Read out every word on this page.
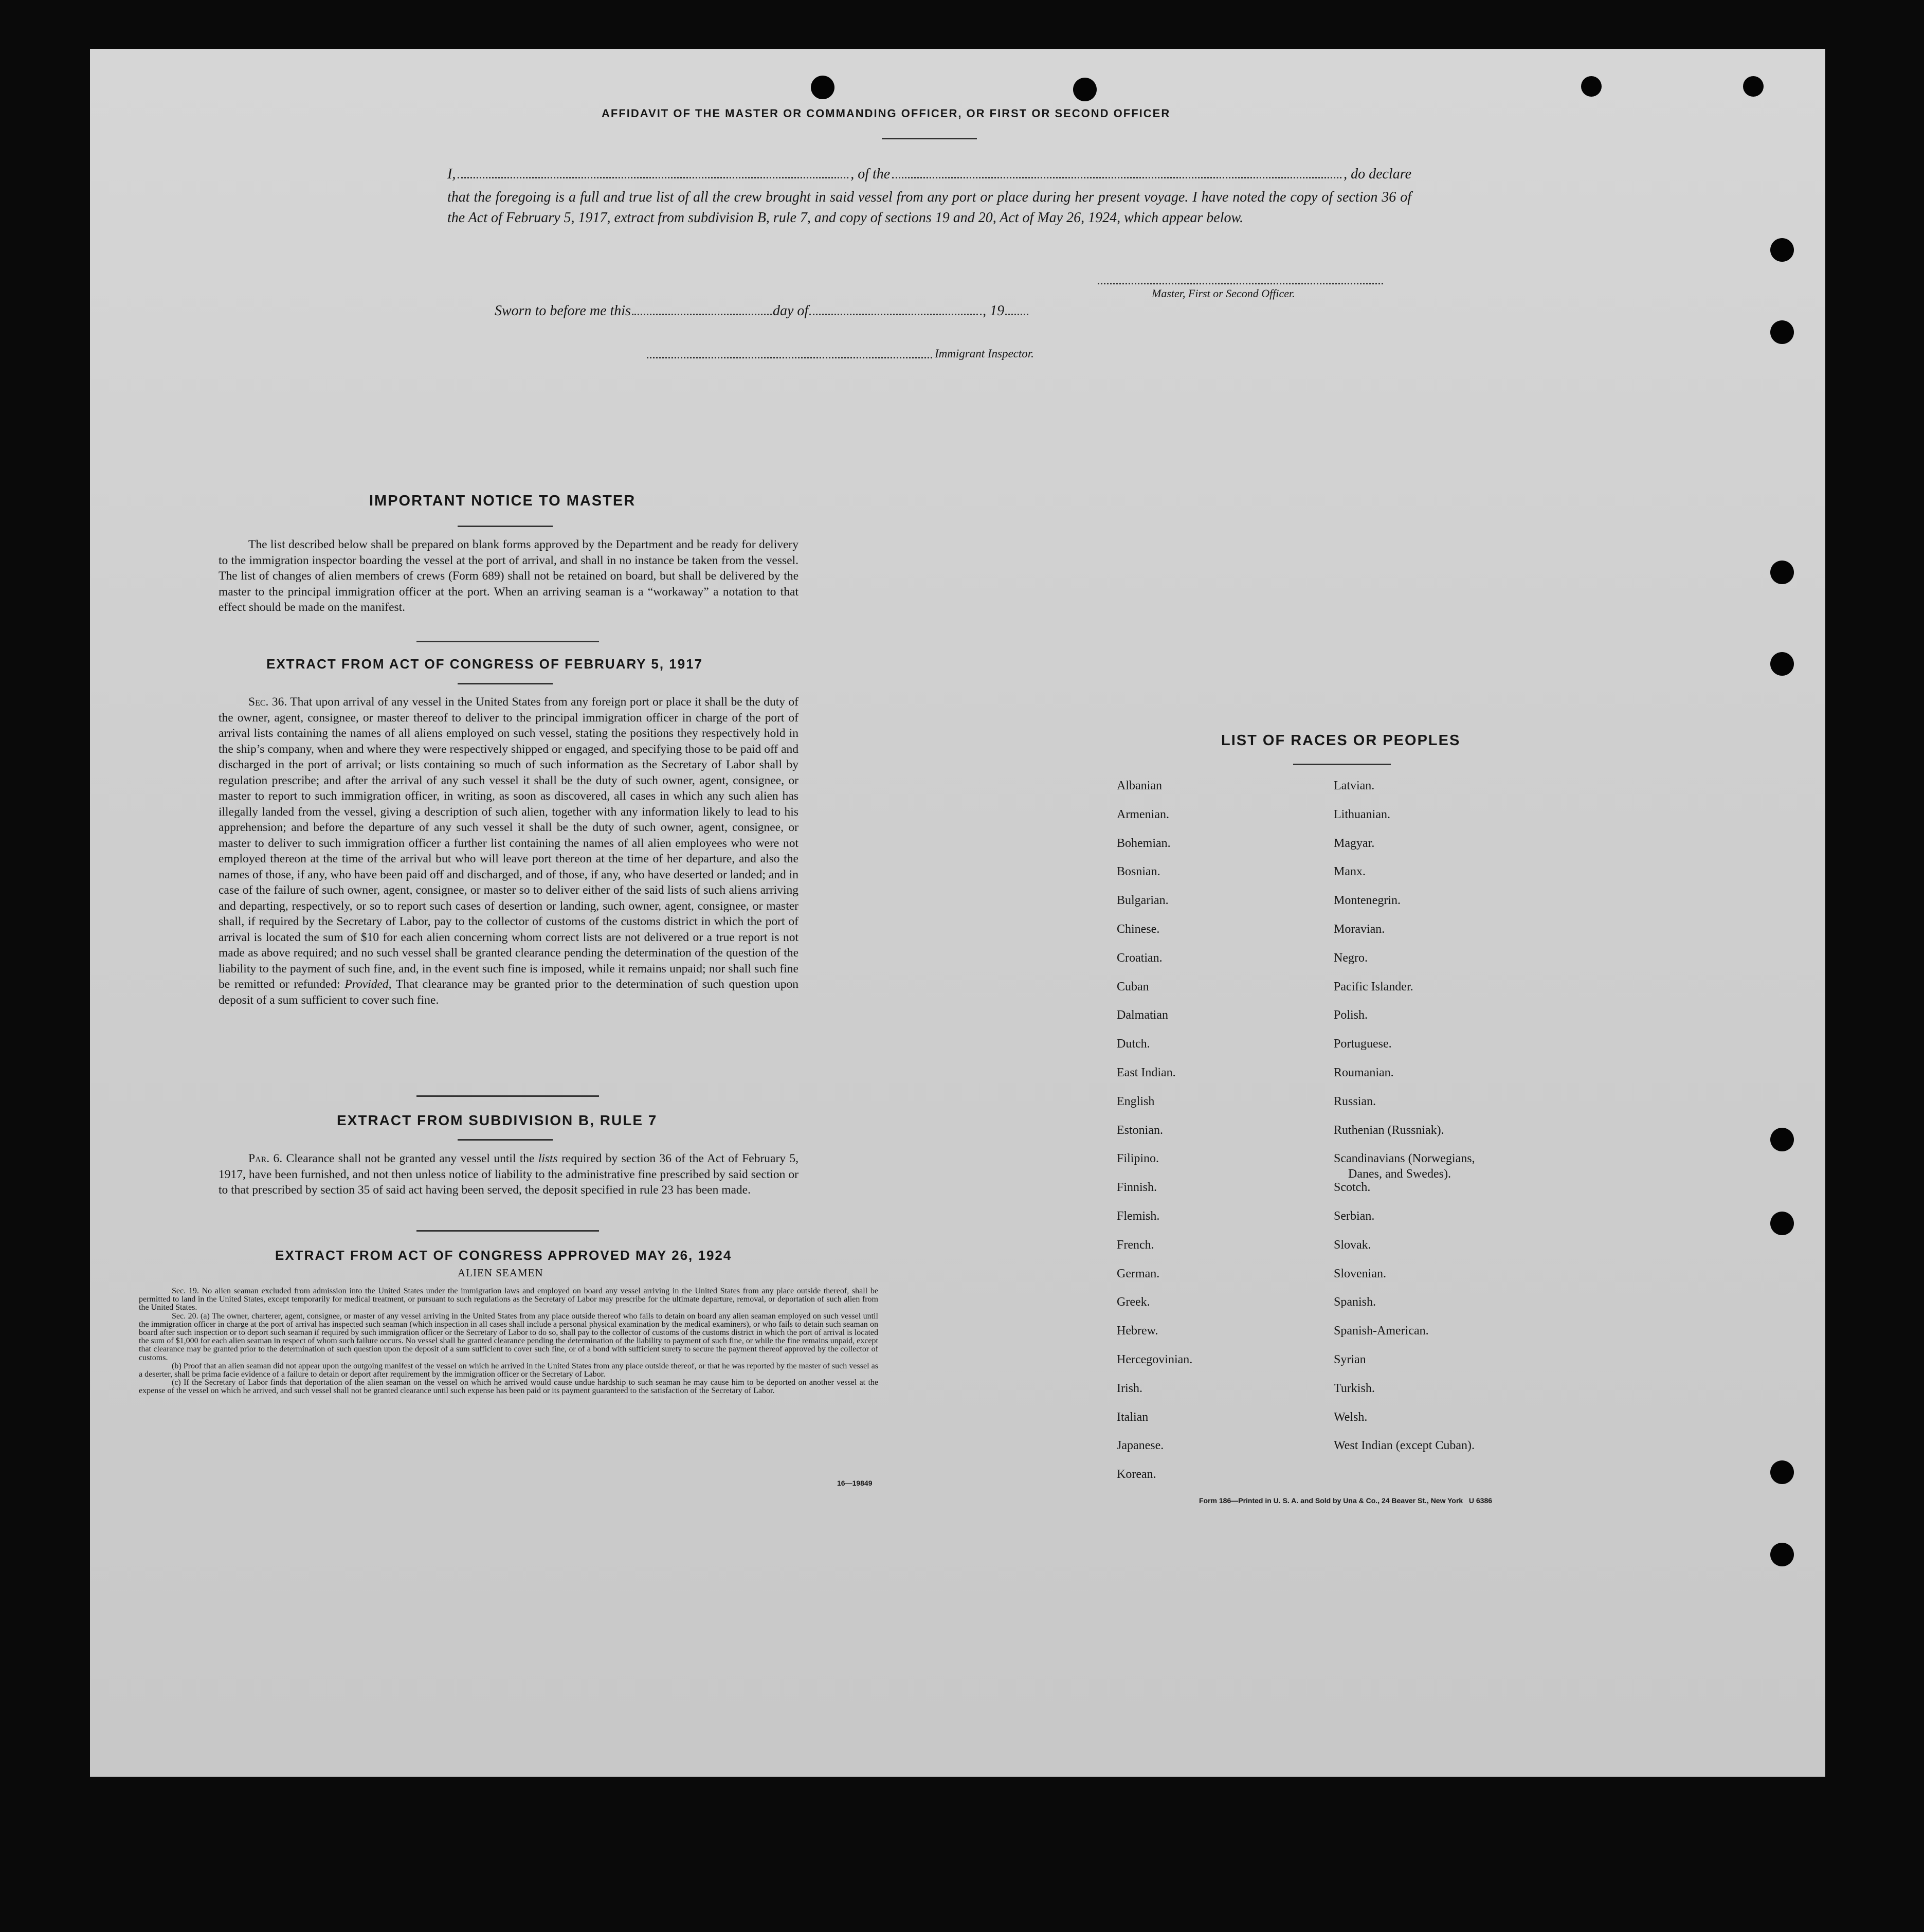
AFFIDAVIT OF THE MASTER OR COMMANDING OFFICER, OR FIRST OR SECOND OFFICER
I,	, of the	, do declare
that the foregoing is a full and true list of all the crew brought in said vessel from any port or place during her present voyage. I have noted the copy of section 36 of the Act of February 5, 1917, extract from subdivision B, rule 7, and copy of sections 19 and 20, Act of May 26, 1924, which appear below.
Master, First or Second Officer.
Sworn to before me this	day of	, 19
Immigrant Inspector.
IMPORTANT NOTICE TO MASTER
The list described below shall be prepared on blank forms approved by the Department and be ready for delivery to the immigration inspector boarding the vessel at the port of arrival, and shall in no instance be taken from the vessel. The list of changes of alien members of crews (Form 689) shall not be retained on board, but shall be delivered by the master to the principal immigration officer at the port. When an arriving seaman is a “workaway” a notation to that effect should be made on the manifest.
EXTRACT FROM ACT OF CONGRESS OF FEBRUARY 5, 1917
Sec. 36. That upon arrival of any vessel in the United States from any foreign port or place it shall be the duty of the owner, agent, consignee, or master thereof to deliver to the principal immigration officer in charge of the port of arrival lists containing the names of all aliens employed on such vessel, stating the positions they respectively hold in the ship’s company, when and where they were respectively shipped or engaged, and specifying those to be paid off and discharged in the port of arrival; or lists containing so much of such information as the Secretary of Labor shall by regulation prescribe; and after the arrival of any such vessel it shall be the duty of such owner, agent, consignee, or master to report to such immigration officer, in writing, as soon as discovered, all cases in which any such alien has illegally landed from the vessel, giving a description of such alien, together with any information likely to lead to his apprehension; and before the departure of any such vessel it shall be the duty of such owner, agent, consignee, or master to deliver to such immigration officer a further list containing the names of all alien employees who were not employed thereon at the time of the arrival but who will leave port thereon at the time of her departure, and also the names of those, if any, who have been paid off and discharged, and of those, if any, who have deserted or landed; and in case of the failure of such owner, agent, consignee, or master so to deliver either of the said lists of such aliens arriving and departing, respectively, or so to report such cases of desertion or landing, such owner, agent, consignee, or master shall, if required by the Secretary of Labor, pay to the collector of customs of the customs district in which the port of arrival is located the sum of $10 for each alien concerning whom correct lists are not delivered or a true report is not made as above required; and no such vessel shall be granted clearance pending the determination of the question of the liability to the payment of such fine, and, in the event such fine is imposed, while it remains unpaid; nor shall such fine be remitted or refunded: Provided, That clearance may be granted prior to the determination of such question upon deposit of a sum sufficient to cover such fine.
EXTRACT FROM SUBDIVISION B, RULE 7
Par. 6. Clearance shall not be granted any vessel until the lists required by section 36 of the Act of February 5, 1917, have been furnished, and not then unless notice of liability to the administrative fine prescribed by said section or to that prescribed by section 35 of said act having been served, the deposit specified in rule 23 has been made.
EXTRACT FROM ACT OF CONGRESS APPROVED MAY 26, 1924
ALIEN SEAMEN

Sec. 19. No alien seaman excluded from admission into the United States under the immigration laws and employed on board any vessel arriving in the United States from any place outside thereof, shall be permitted to land in the United States, except temporarily for medical treatment, or pursuant to such regulations as the Secretary of Labor may prescribe for the ultimate departure, removal, or deportation of such alien from the United States.

Sec. 20. (a) The owner, charterer, agent, consignee, or master of any vessel arriving in the United States from any place outside thereof who fails to detain on board any alien seaman employed on such vessel until the immigration officer in charge at the port of arrival has inspected such seaman (which inspection in all cases shall include a personal physical examination by the medical examiners), or who fails to detain such seaman on board after such inspection or to deport such seaman if required by such immigration officer or the Secretary of Labor to do so, shall pay to the collector of customs of the customs district in which the port of arrival is located the sum of $1,000 for each alien seaman in respect of whom such failure occurs. No vessel shall be granted clearance pending the determination of the liability to payment of such fine, or while the fine remains unpaid, except that clearance may be granted prior to the determination of such question upon the deposit of a sum sufficient to cover such fine, or of a bond with sufficient surety to secure the payment thereof approved by the collector of customs.

(b) Proof that an alien seaman did not appear upon the outgoing manifest of the vessel on which he arrived in the United States from any place outside thereof, or that he was reported by the master of such vessel as a deserter, shall be prima facie evidence of a failure to detain or deport after requirement by the immigration officer or the Secretary of Labor.

(c) If the Secretary of Labor finds that deportation of the alien seaman on the vessel on which he arrived would cause undue hardship to such seaman he may cause him to be deported on another vessel at the expense of the vessel on which he arrived, and such vessel shall not be granted clearance until such expense has been paid or its payment guaranteed to the satisfaction of the Secretary of Labor.

16—19849
LIST OF RACES OR PEOPLES
Albanian
Armenian.
Bohemian.
Bosnian.
Bulgarian.
Chinese.
Croatian.
Cuban
Dalmatian
Dutch.
East Indian.
English
Estonian.
Filipino.
Finnish.
Flemish.
French.
German.
Greek.
Hebrew.
Hercegovinian.
Irish.
Italian
Japanese.
Korean.
Latvian.
Lithuanian.
Magyar.
Manx.
Montenegrin.
Moravian.
Negro.
Pacific Islander.
Polish.
Portuguese.
Roumanian.
Russian.
Ruthenian (Russniak).
Scandinavians (Norwegians,
Danes, and Swedes).
Scotch.
Serbian.
Slovak.
Slovenian.
Spanish.
Spanish-American.
Syrian
Turkish.
Welsh.
West Indian (except Cuban).
Form 186—Printed in U. S. A. and Sold by Una & Co., 24 Beaver St., New York   U 6386
